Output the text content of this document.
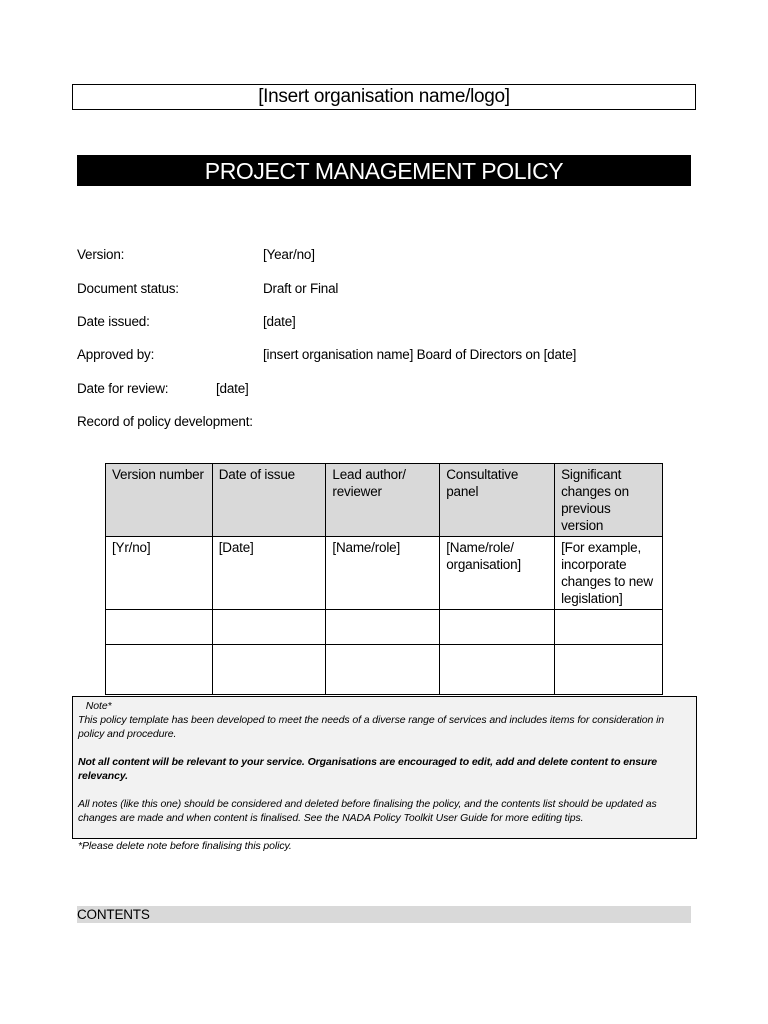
[Insert organisation name/logo]
PROJECT MANAGEMENT POLICY
Version:	[Year/no]
Document status:	Draft or Final
Date issued:	[date]
Approved by:	[insert organisation name] Board of Directors on [date]
Date for review:	[date]
Record of policy development:
Version number	Date of issue	Lead author/ reviewer	Consultative panel	Significant changes on previous version
[Yr/no]	[Date]	[Name/role]	[Name/role/ organisation]	[For example, incorporate changes to new legislation]

Note*

This policy template has been developed to meet the needs of a diverse range of services and includes items for consideration in policy and procedure.

Not all content will be relevant to your service. Organisations are encouraged to edit, add and delete content to ensure relevancy.

All notes (like this one) should be considered and deleted before finalising the policy, and the contents list should be updated as changes are made and when content is finalised. See the NADA Policy Toolkit User Guide for more editing tips.

*Please delete note before finalising this policy.

CONTENTS
